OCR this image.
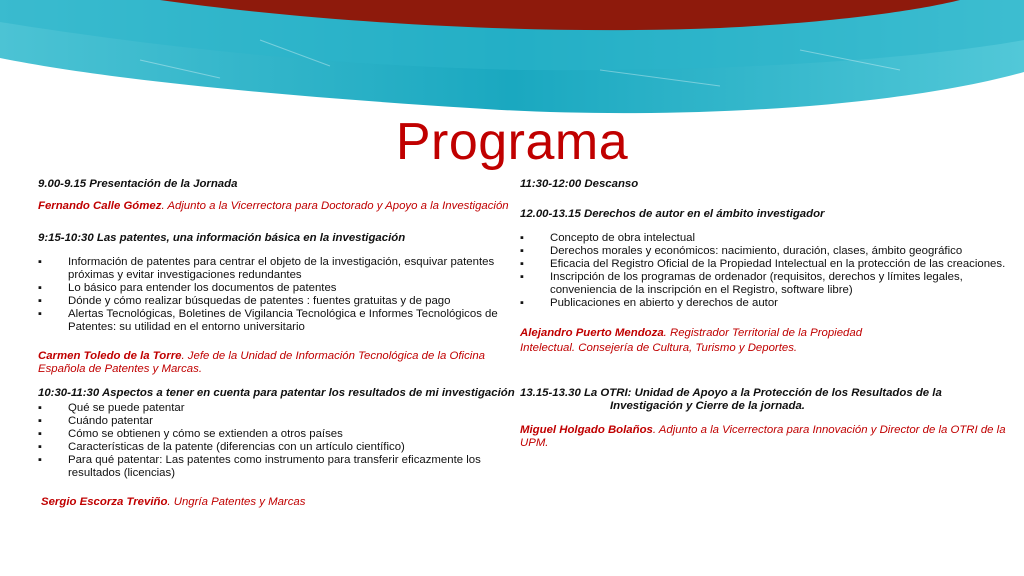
Programa
9.00-9.15 Presentación de la Jornada
Fernando Calle Gómez. Adjunto a la Vicerrectora para Doctorado y Apoyo a la Investigación
9:15-10:30 Las patentes, una información básica en la investigación
▪ Información de patentes para centrar el objeto de la investigación, esquivar patentes próximas y evitar investigaciones redundantes
▪ Lo básico para entender los documentos de patentes
▪ Dónde y cómo realizar búsquedas de patentes : fuentes gratuitas y de pago
▪ Alertas Tecnológicas, Boletines de Vigilancia Tecnológica e Informes Tecnológicos de Patentes: su utilidad en el entorno universitario
Carmen Toledo de la Torre. Jefe de la Unidad de Información Tecnológica de la Oficina Española de Patentes y Marcas.
10:30-11:30 Aspectos a tener en cuenta para patentar los resultados de mi investigación
▪ Qué se puede patentar
▪ Cuándo patentar
▪ Cómo se obtienen y cómo se extienden a otros países
▪ Características de la patente (diferencias con un artículo científico)
▪ Para qué patentar: Las patentes como instrumento para transferir eficazmente los resultados (licencias)
Sergio Escorza Treviño. Ungría Patentes y Marcas
11:30-12:00 Descanso
12.00-13.15 Derechos de autor en el ámbito investigador
▪ Concepto de obra intelectual
▪ Derechos morales y económicos: nacimiento, duración, clases, ámbito geográfico
▪ Eficacia del Registro Oficial de la Propiedad Intelectual en la protección de las creaciones.
▪ Inscripción de los programas de ordenador (requisitos, derechos y límites legales, conveniencia de la inscripción en el Registro, software libre)
▪ Publicaciones en abierto y derechos de autor
Alejandro Puerto Mendoza. Registrador Territorial de la Propiedad
Intelectual. Consejería de Cultura, Turismo y Deportes.
13.15-13.30 La OTRI: Unidad de Apoyo a la Protección de los Resultados de la
Investigación y Cierre de la jornada.
Miguel Holgado Bolaños. Adjunto a la Vicerrectora para Innovación y Director de la OTRI de la UPM.
